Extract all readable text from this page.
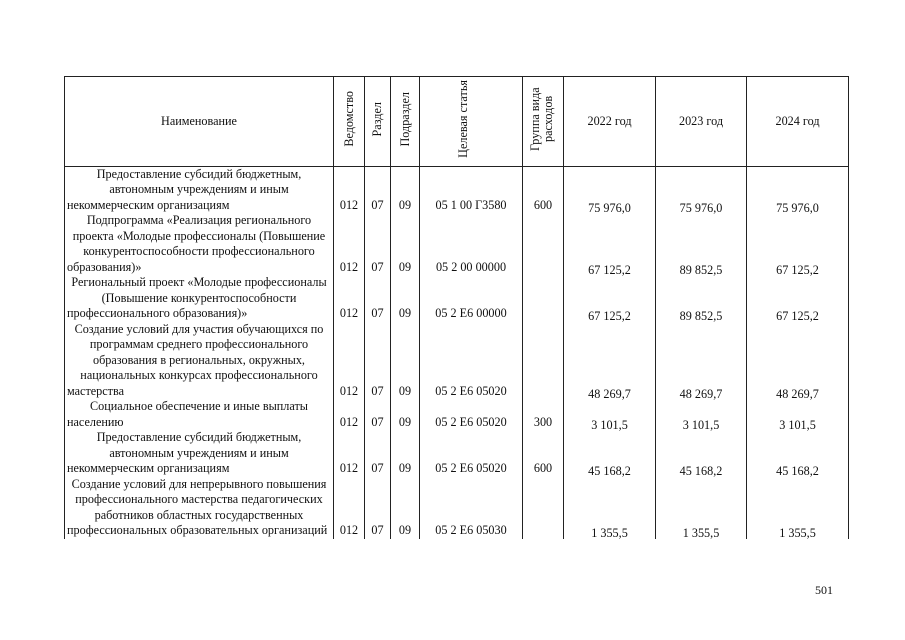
Наименование	Ведомство	Раздел	Подраздел	Целевая статья	Группа вида расходов	2022 год	2023 год	2024 год
Предоставление субсидий бюджетным, автономным учреждениям и иным некоммерческим организациям	012	07	09	05 1 00 Г3580	600	75 976,0	75 976,0	75 976,0
Подпрограмма «Реализация регионального проекта «Молодые профессионалы (Повышение конкурентоспособности профессионального образования)»	012	07	09	05 2 00 00000		67 125,2	89 852,5	67 125,2
Региональный проект «Молодые профессионалы (Повышение конкурентоспособности профессионального образования)»	012	07	09	05 2 Е6 00000		67 125,2	89 852,5	67 125,2
Создание условий для участия обучающихся по программам среднего профессионального образования в региональных, окружных, национальных конкурсах профессионального мастерства	012	07	09	05 2 Е6 05020		48 269,7	48 269,7	48 269,7
Социальное обеспечение и иные выплаты населению	012	07	09	05 2 Е6 05020	300	3 101,5	3 101,5	3 101,5
Предоставление субсидий бюджетным, автономным учреждениям и иным некоммерческим организациям	012	07	09	05 2 Е6 05020	600	45 168,2	45 168,2	45 168,2
Создание условий для непрерывного повышения профессионального мастерства педагогических работников областных государственных профессиональных образовательных организаций	012	07	09	05 2 Е6 05030		1 355,5	1 355,5	1 355,5
501
